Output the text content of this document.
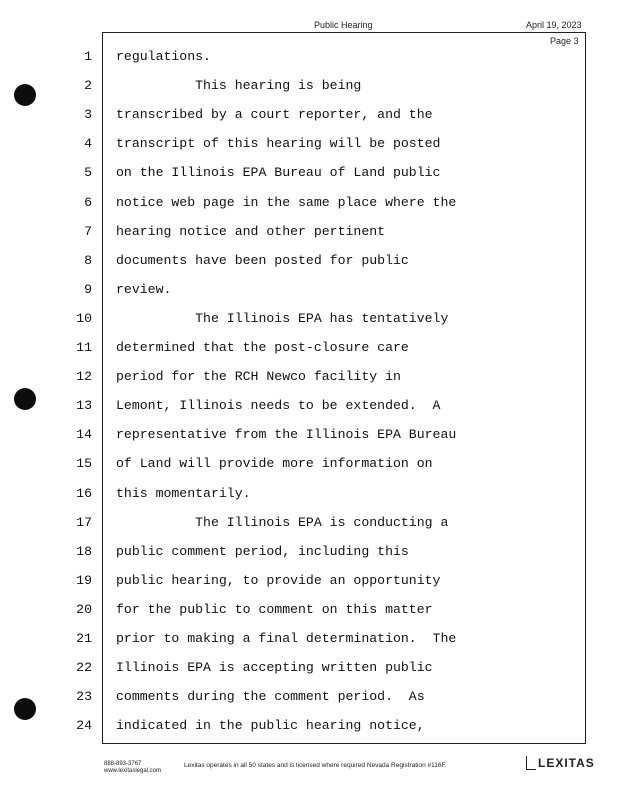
Public Hearing	April 19, 2023
Page 3
1 regulations.
2 This hearing is being
3 transcribed by a court reporter, and the
4 transcript of this hearing will be posted
5 on the Illinois EPA Bureau of Land public
6 notice web page in the same place where the
7 hearing notice and other pertinent
8 documents have been posted for public
9 review.
10 The Illinois EPA has tentatively
11 determined that the post-closure care
12 period for the RCH Newco facility in
13 Lemont, Illinois needs to be extended.  A
14 representative from the Illinois EPA Bureau
15 of Land will provide more information on
16 this momentarily.
17 The Illinois EPA is conducting a
18 public comment period, including this
19 public hearing, to provide an opportunity
20 for the public to comment on this matter
21 prior to making a final determination.  The
22 Illinois EPA is accepting written public
23 comments during the comment period.  As
24 indicated in the public hearing notice,
888-893-3767
www.lexitaslegal.com
Lexitas operates in all 50 states and is licensed where required Nevada Registration #116F.	LEXITAS
